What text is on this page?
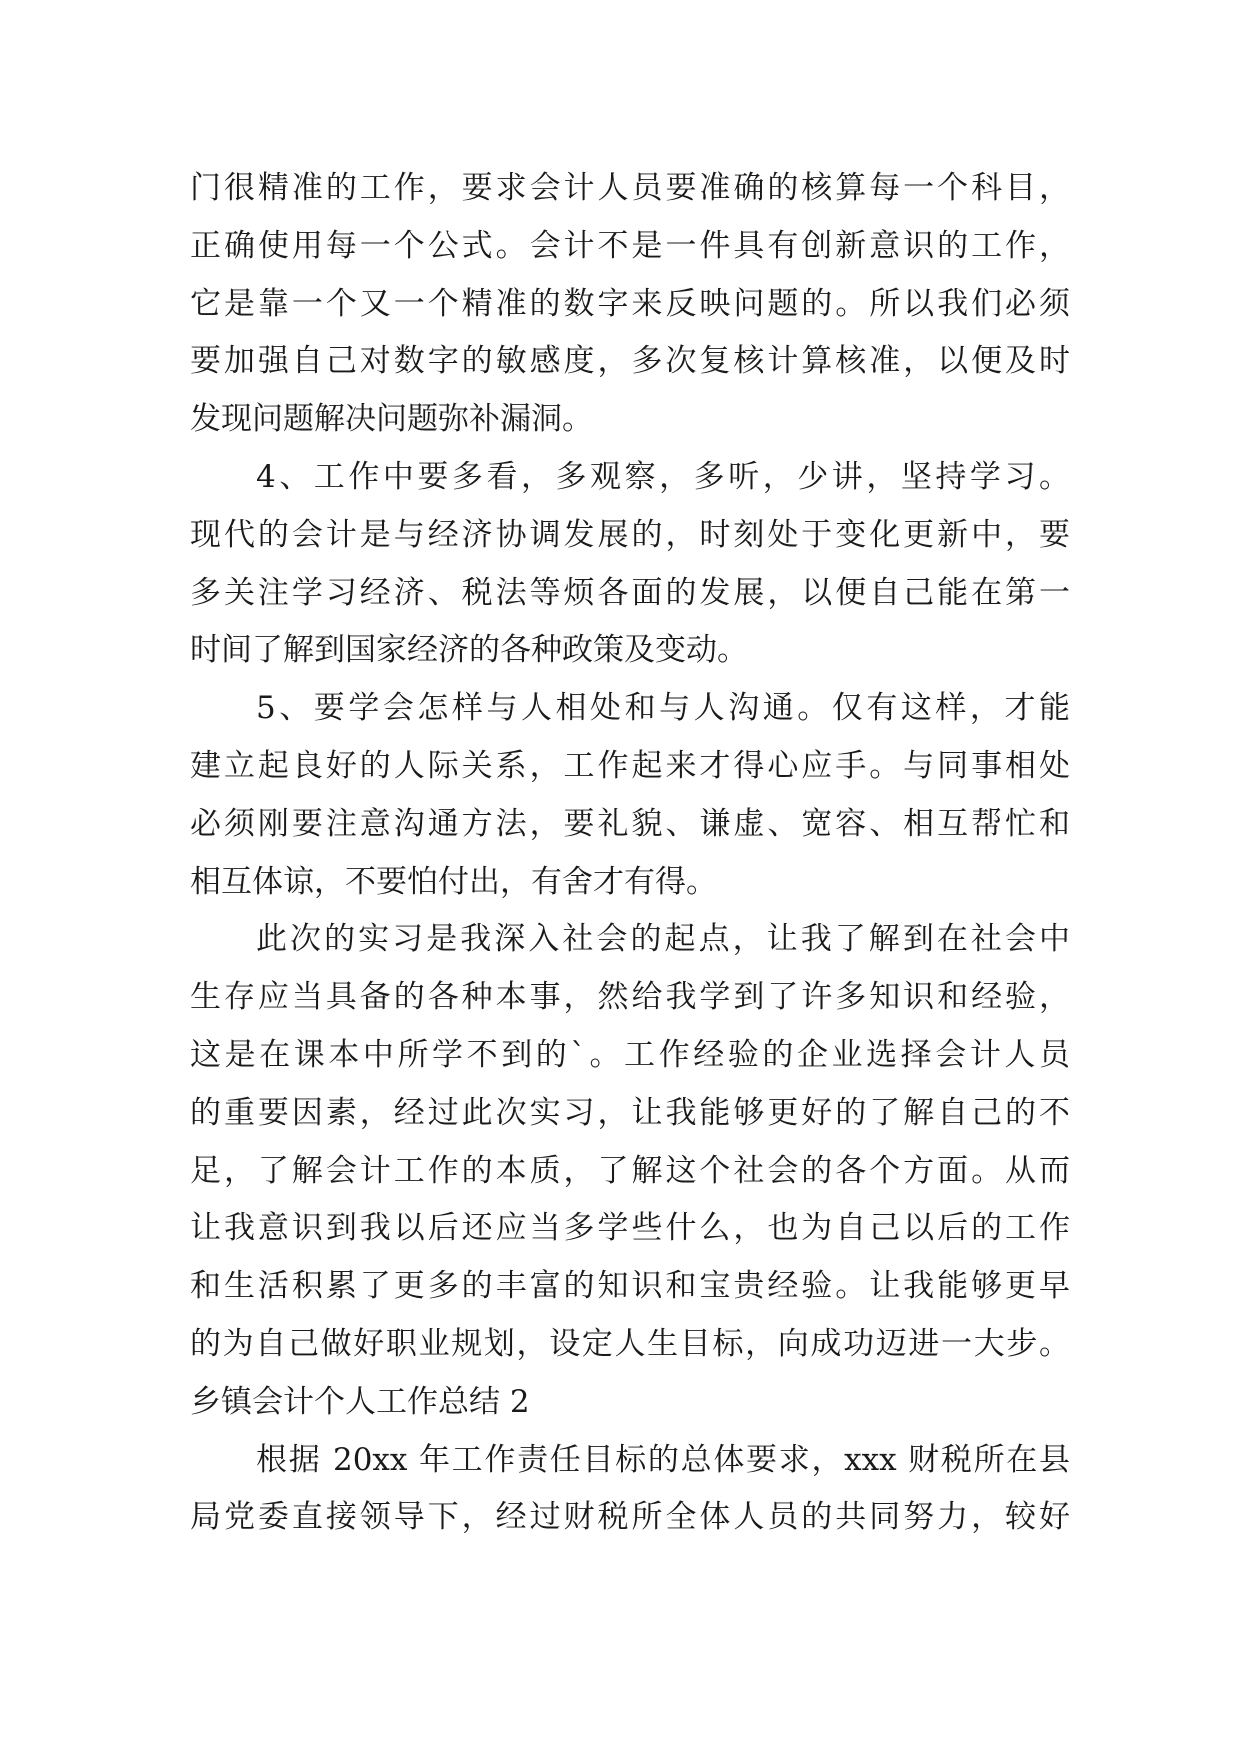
门很精准的工作，要求会计人员要准确的核算每一个科目，
正确使用每一个公式。会计不是一件具有创新意识的工作，
它是靠一个又一个精准的数字来反映问题的。所以我们必须
要加强自己对数字的敏感度，多次复核计算核准，以便及时
发现问题解决问题弥补漏洞。
4、工作中要多看，多观察，多听，少讲，坚持学习。
现代的会计是与经济协调发展的，时刻处于变化更新中，要
多关注学习经济、税法等烦各面的发展，以便自己能在第一
时间了解到国家经济的各种政策及变动。
5、要学会怎样与人相处和与人沟通。仅有这样，才能
建立起良好的人际关系，工作起来才得心应手。与同事相处
必须刚要注意沟通方法，要礼貌、谦虚、宽容、相互帮忙和
相互体谅，不要怕付出，有舍才有得。
此次的实习是我深入社会的起点，让我了解到在社会中
生存应当具备的各种本事，然给我学到了许多知识和经验，
这是在课本中所学不到的`。工作经验的企业选择会计人员
的重要因素，经过此次实习，让我能够更好的了解自己的不
足，了解会计工作的本质，了解这个社会的各个方面。从而
让我意识到我以后还应当多学些什么，也为自己以后的工作
和生活积累了更多的丰富的知识和宝贵经验。让我能够更早
的为自己做好职业规划，设定人生目标，向成功迈进一大步。
乡镇会计个人工作总结 2
根据 20xx 年工作责任目标的总体要求，xxx 财税所在县
局党委直接领导下，经过财税所全体人员的共同努力，较好
